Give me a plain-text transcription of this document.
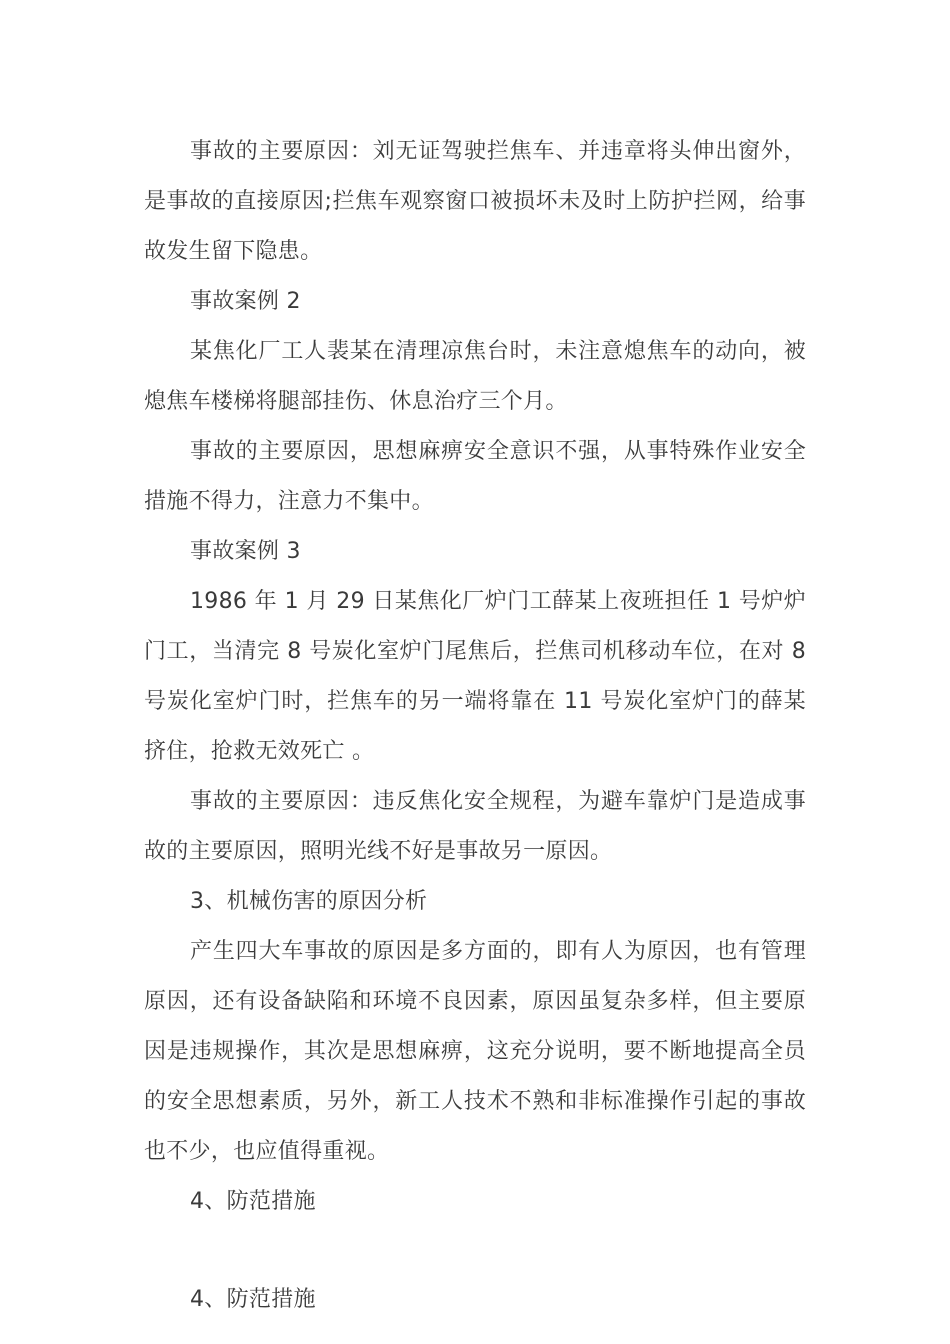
事故的主要原因：刘无证驾驶拦焦车、并违章将头伸出窗外，是事故的直接原因;拦焦车观察窗口被损坏未及时上防护拦网，给事故发生留下隐患。

事故案例 2

某焦化厂工人裴某在清理凉焦台时，未注意熄焦车的动向，被熄焦车楼梯将腿部挂伤、休息治疗三个月。

事故的主要原因，思想麻痹安全意识不强，从事特殊作业安全措施不得力，注意力不集中。

事故案例 3

1986 年 1 月 29 日某焦化厂炉门工薛某上夜班担任 1 号炉炉门工，当清完 8 号炭化室炉门尾焦后，拦焦司机移动车位，在对 8 号炭化室炉门时，拦焦车的另一端将靠在 11 号炭化室炉门的薛某挤住，抢救无效死亡 。

事故的主要原因：违反焦化安全规程，为避车靠炉门是造成事故的主要原因，照明光线不好是事故另一原因。

3、机械伤害的原因分析

产生四大车事故的原因是多方面的，即有人为原因，也有管理原因，还有设备缺陷和环境不良因素，原因虽复杂多样，但主要原因是违规操作，其次是思想麻痹，这充分说明，要不断地提高全员的安全思想素质，另外，新工人技术不熟和非标准操作引起的事故也不少，也应值得重视。

4、防范措施

4、防范措施
